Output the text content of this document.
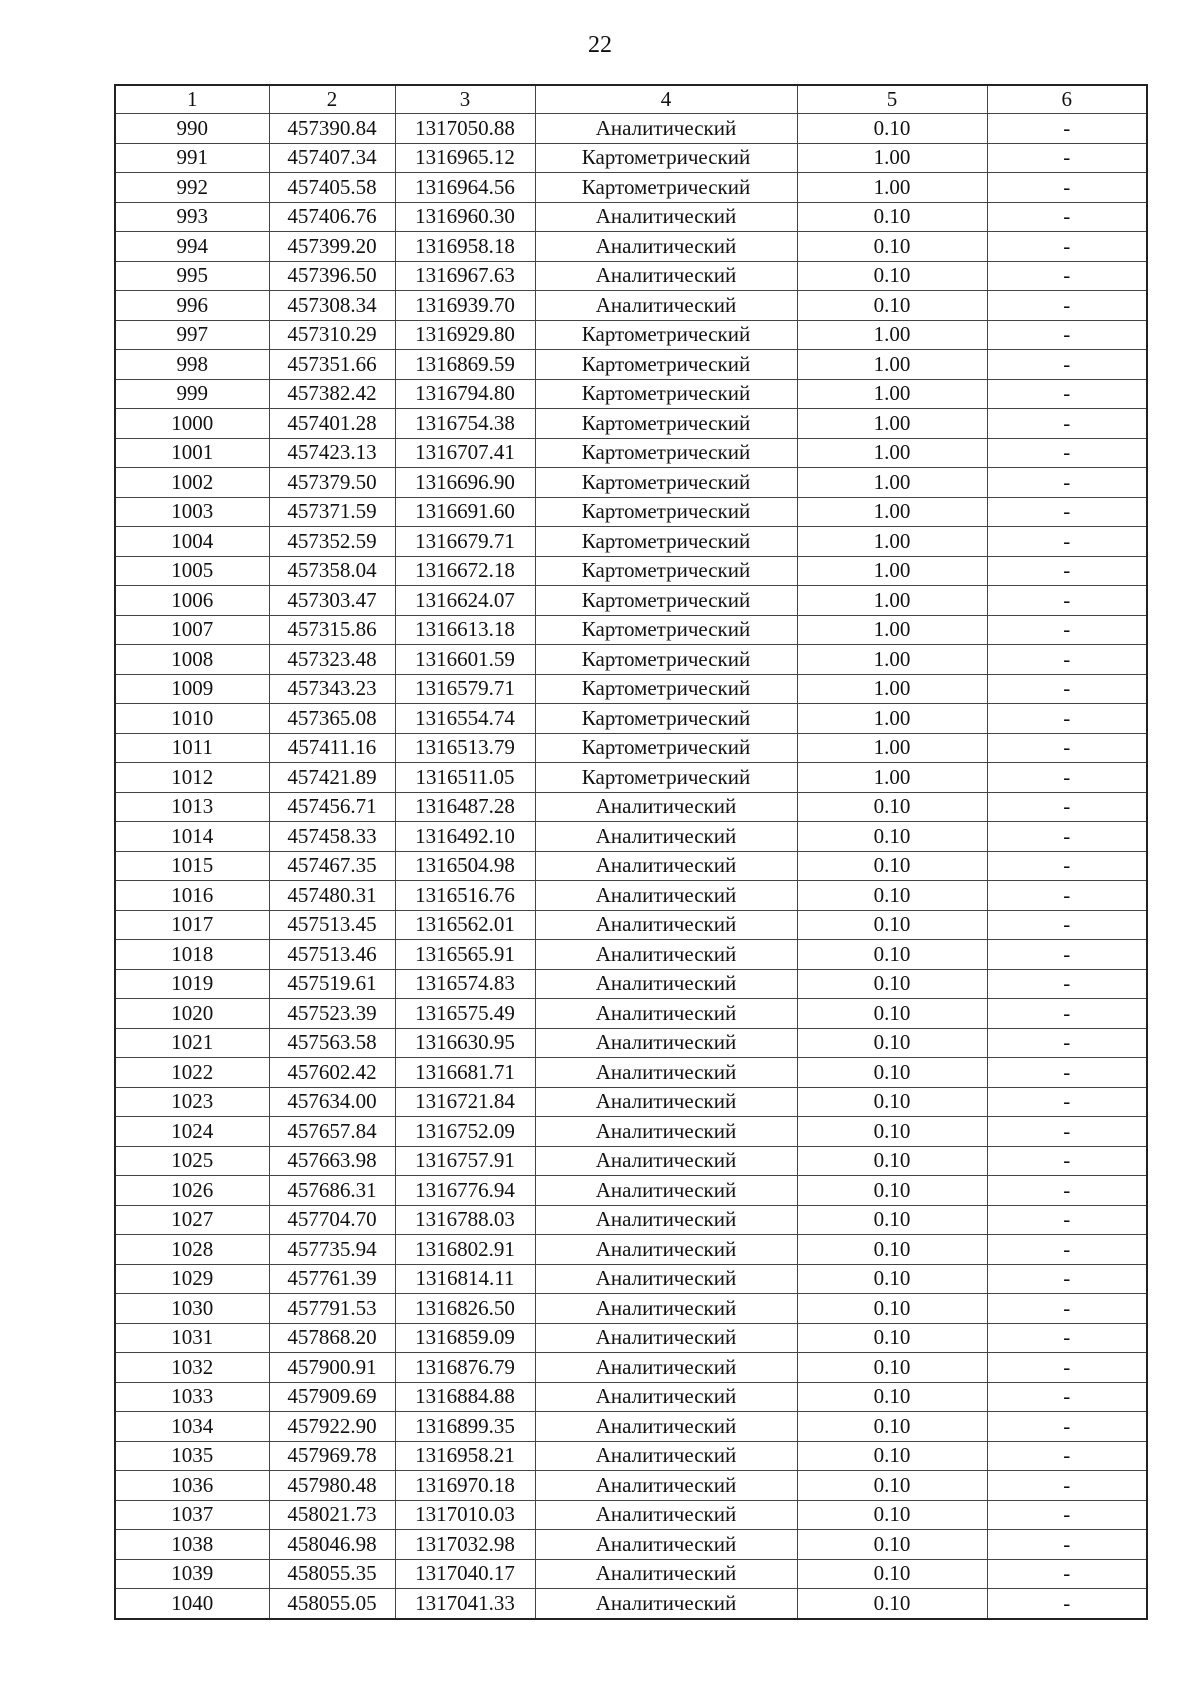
22
1	2	3	4	5	6
990	457390.84	1317050.88	Аналитический	0.10	-
991	457407.34	1316965.12	Картометрический	1.00	-
992	457405.58	1316964.56	Картометрический	1.00	-
993	457406.76	1316960.30	Аналитический	0.10	-
994	457399.20	1316958.18	Аналитический	0.10	-
995	457396.50	1316967.63	Аналитический	0.10	-
996	457308.34	1316939.70	Аналитический	0.10	-
997	457310.29	1316929.80	Картометрический	1.00	-
998	457351.66	1316869.59	Картометрический	1.00	-
999	457382.42	1316794.80	Картометрический	1.00	-
1000	457401.28	1316754.38	Картометрический	1.00	-
1001	457423.13	1316707.41	Картометрический	1.00	-
1002	457379.50	1316696.90	Картометрический	1.00	-
1003	457371.59	1316691.60	Картометрический	1.00	-
1004	457352.59	1316679.71	Картометрический	1.00	-
1005	457358.04	1316672.18	Картометрический	1.00	-
1006	457303.47	1316624.07	Картометрический	1.00	-
1007	457315.86	1316613.18	Картометрический	1.00	-
1008	457323.48	1316601.59	Картометрический	1.00	-
1009	457343.23	1316579.71	Картометрический	1.00	-
1010	457365.08	1316554.74	Картометрический	1.00	-
1011	457411.16	1316513.79	Картометрический	1.00	-
1012	457421.89	1316511.05	Картометрический	1.00	-
1013	457456.71	1316487.28	Аналитический	0.10	-
1014	457458.33	1316492.10	Аналитический	0.10	-
1015	457467.35	1316504.98	Аналитический	0.10	-
1016	457480.31	1316516.76	Аналитический	0.10	-
1017	457513.45	1316562.01	Аналитический	0.10	-
1018	457513.46	1316565.91	Аналитический	0.10	-
1019	457519.61	1316574.83	Аналитический	0.10	-
1020	457523.39	1316575.49	Аналитический	0.10	-
1021	457563.58	1316630.95	Аналитический	0.10	-
1022	457602.42	1316681.71	Аналитический	0.10	-
1023	457634.00	1316721.84	Аналитический	0.10	-
1024	457657.84	1316752.09	Аналитический	0.10	-
1025	457663.98	1316757.91	Аналитический	0.10	-
1026	457686.31	1316776.94	Аналитический	0.10	-
1027	457704.70	1316788.03	Аналитический	0.10	-
1028	457735.94	1316802.91	Аналитический	0.10	-
1029	457761.39	1316814.11	Аналитический	0.10	-
1030	457791.53	1316826.50	Аналитический	0.10	-
1031	457868.20	1316859.09	Аналитический	0.10	-
1032	457900.91	1316876.79	Аналитический	0.10	-
1033	457909.69	1316884.88	Аналитический	0.10	-
1034	457922.90	1316899.35	Аналитический	0.10	-
1035	457969.78	1316958.21	Аналитический	0.10	-
1036	457980.48	1316970.18	Аналитический	0.10	-
1037	458021.73	1317010.03	Аналитический	0.10	-
1038	458046.98	1317032.98	Аналитический	0.10	-
1039	458055.35	1317040.17	Аналитический	0.10	-
1040	458055.05	1317041.33	Аналитический	0.10	-
